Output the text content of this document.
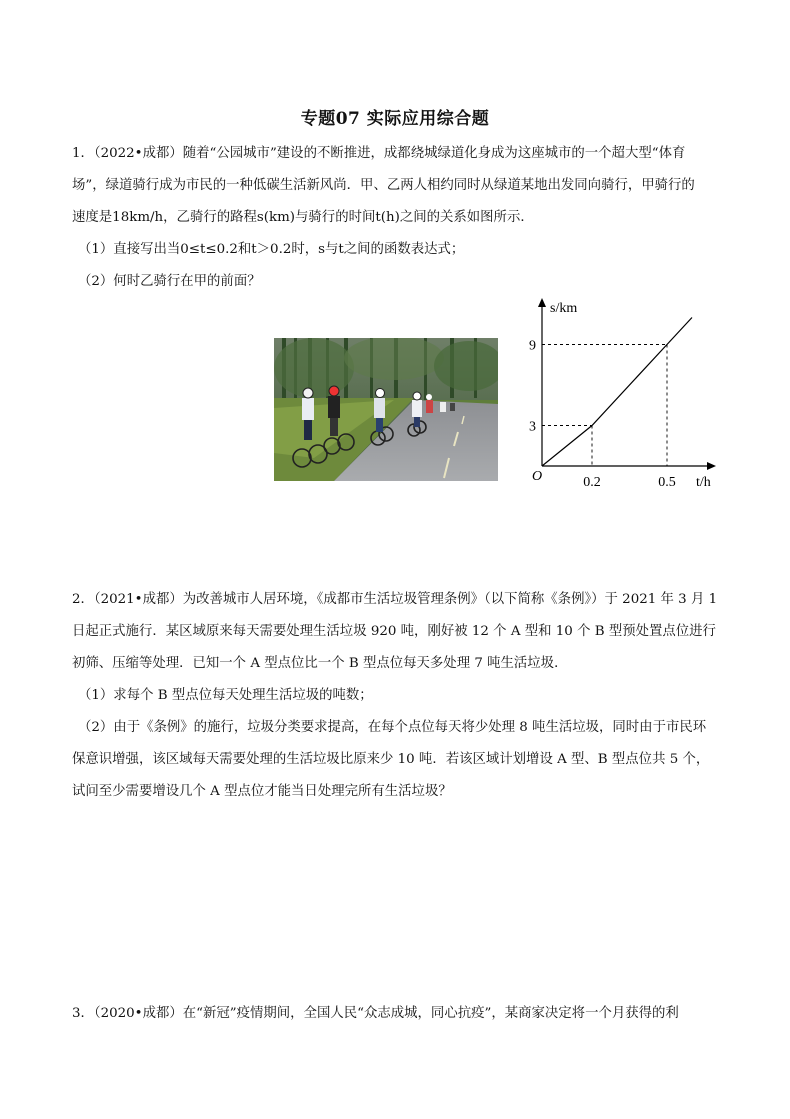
专题07 实际应用综合题
1．（2022•成都）随着“公园城市”建设的不断推进，成都绕城绿道化身成为这座城市的一个超大型“体育
场”，绿道骑行成为市民的一种低碳生活新风尚．甲、乙两人相约同时从绿道某地出发同向骑行，甲骑行的
速度是18km/h，乙骑行的路程s(km)与骑行的时间t(h)之间的关系如图所示．
（1）直接写出当0≤t≤0.2和t＞0.2时，s与t之间的函数表达式；
（2）何时乙骑行在甲的前面？
s/km
t/h
O	0.2	0.5
3
9
2．（2021•成都）为改善城市人居环境，《成都市生活垃圾管理条例》（以下简称《条例》）于 2021 年 3 月 1
日起正式施行．某区域原来每天需要处理生活垃圾 920 吨，刚好被 12 个 A 型和 10 个 B 型预处置点位进行
初筛、压缩等处理．已知一个 A 型点位比一个 B 型点位每天多处理 7 吨生活垃圾．
（1）求每个 B 型点位每天处理生活垃圾的吨数；
（2）由于《条例》的施行，垃圾分类要求提高，在每个点位每天将少处理 8 吨生活垃圾，同时由于市民环
保意识增强，该区域每天需要处理的生活垃圾比原来少 10 吨．若该区域计划增设 A 型、B 型点位共 5 个，
试问至少需要增设几个 A 型点位才能当日处理完所有生活垃圾？
3．（2020•成都）在“新冠”疫情期间，全国人民“众志成城，同心抗疫”，某商家决定将一个月获得的利
